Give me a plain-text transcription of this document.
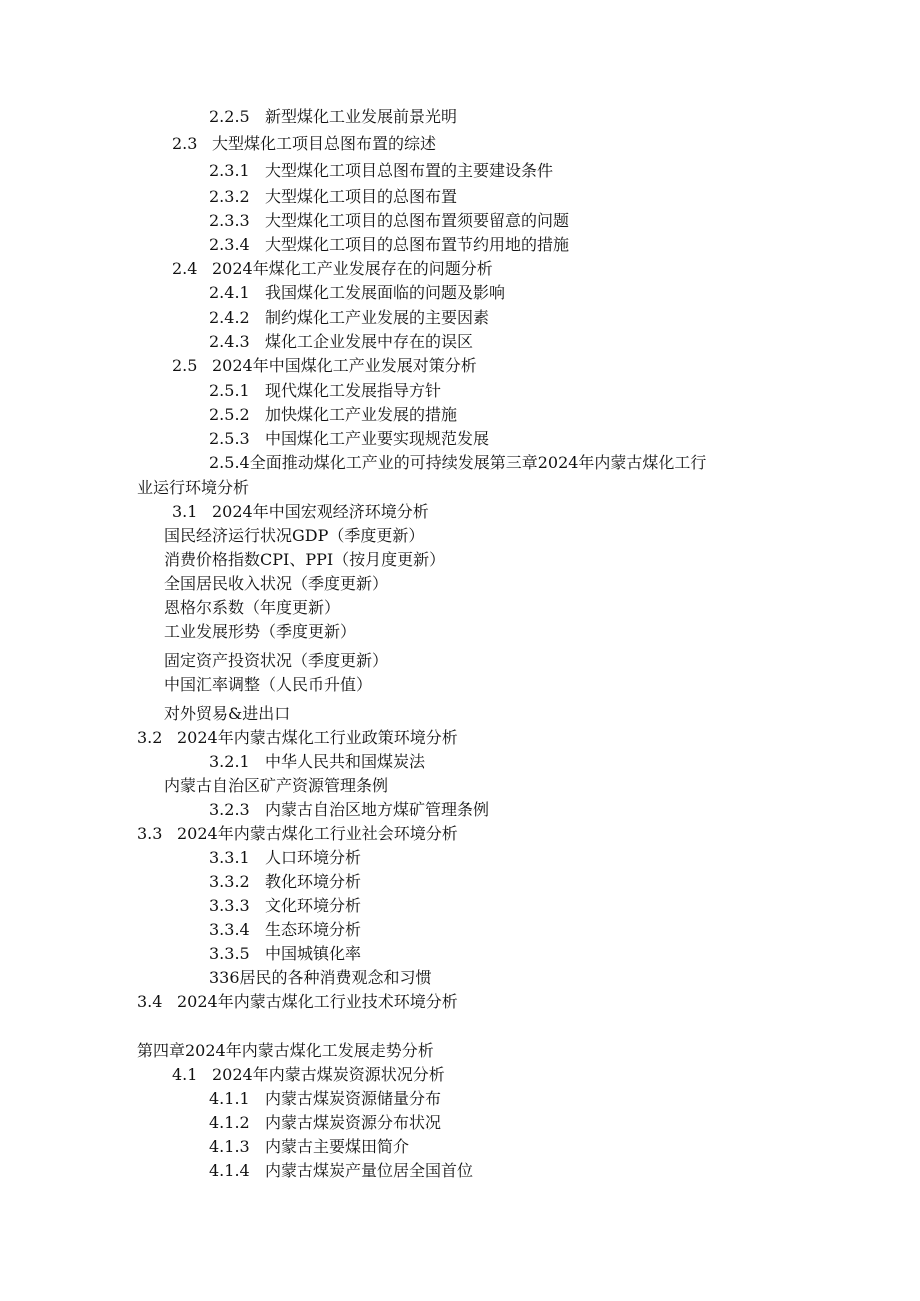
2.2.5 新型煤化工业发展前景光明
2.3 大型煤化工项目总图布置的综述
2.3.1 大型煤化工项目总图布置的主要建设条件
2.3.2 大型煤化工项目的总图布置
2.3.3 大型煤化工项目的总图布置须要留意的问题
2.3.4 大型煤化工项目的总图布置节约用地的措施
2.4 2024年煤化工产业发展存在的问题分析
2.4.1 我国煤化工发展面临的问题及影响
2.4.2 制约煤化工产业发展的主要因素
2.4.3 煤化工企业发展中存在的误区
2.5 2024年中国煤化工产业发展对策分析
2.5.1 现代煤化工发展指导方针
2.5.2 加快煤化工产业发展的措施
2.5.3 中国煤化工产业要实现规范发展
2.5.4全面推动煤化工产业的可持续发展第三章2024年内蒙古煤化工行
业运行环境分析
3.1 2024年中国宏观经济环境分析
国民经济运行状况GDP（季度更新）
消费价格指数CPI、PPI（按月度更新）
全国居民收入状况（季度更新）
恩格尔系数（年度更新）
工业发展形势（季度更新）
固定资产投资状况（季度更新）
中国汇率调整（人民币升值）
对外贸易&进出口
3.2 2024年内蒙古煤化工行业政策环境分析
3.2.1 中华人民共和国煤炭法
内蒙古自治区矿产资源管理条例
3.2.3 内蒙古自治区地方煤矿管理条例
3.3 2024年内蒙古煤化工行业社会环境分析
3.3.1 人口环境分析
3.3.2 教化环境分析
3.3.3 文化环境分析
3.3.4 生态环境分析
3.3.5 中国城镇化率
336居民的各种消费观念和习惯
3.4 2024年内蒙古煤化工行业技术环境分析
第四章2024年内蒙古煤化工发展走势分析
4.1 2024年内蒙古煤炭资源状况分析
4.1.1 内蒙古煤炭资源储量分布
4.1.2 内蒙古煤炭资源分布状况
4.1.3 内蒙古主要煤田简介
4.1.4 内蒙古煤炭产量位居全国首位
